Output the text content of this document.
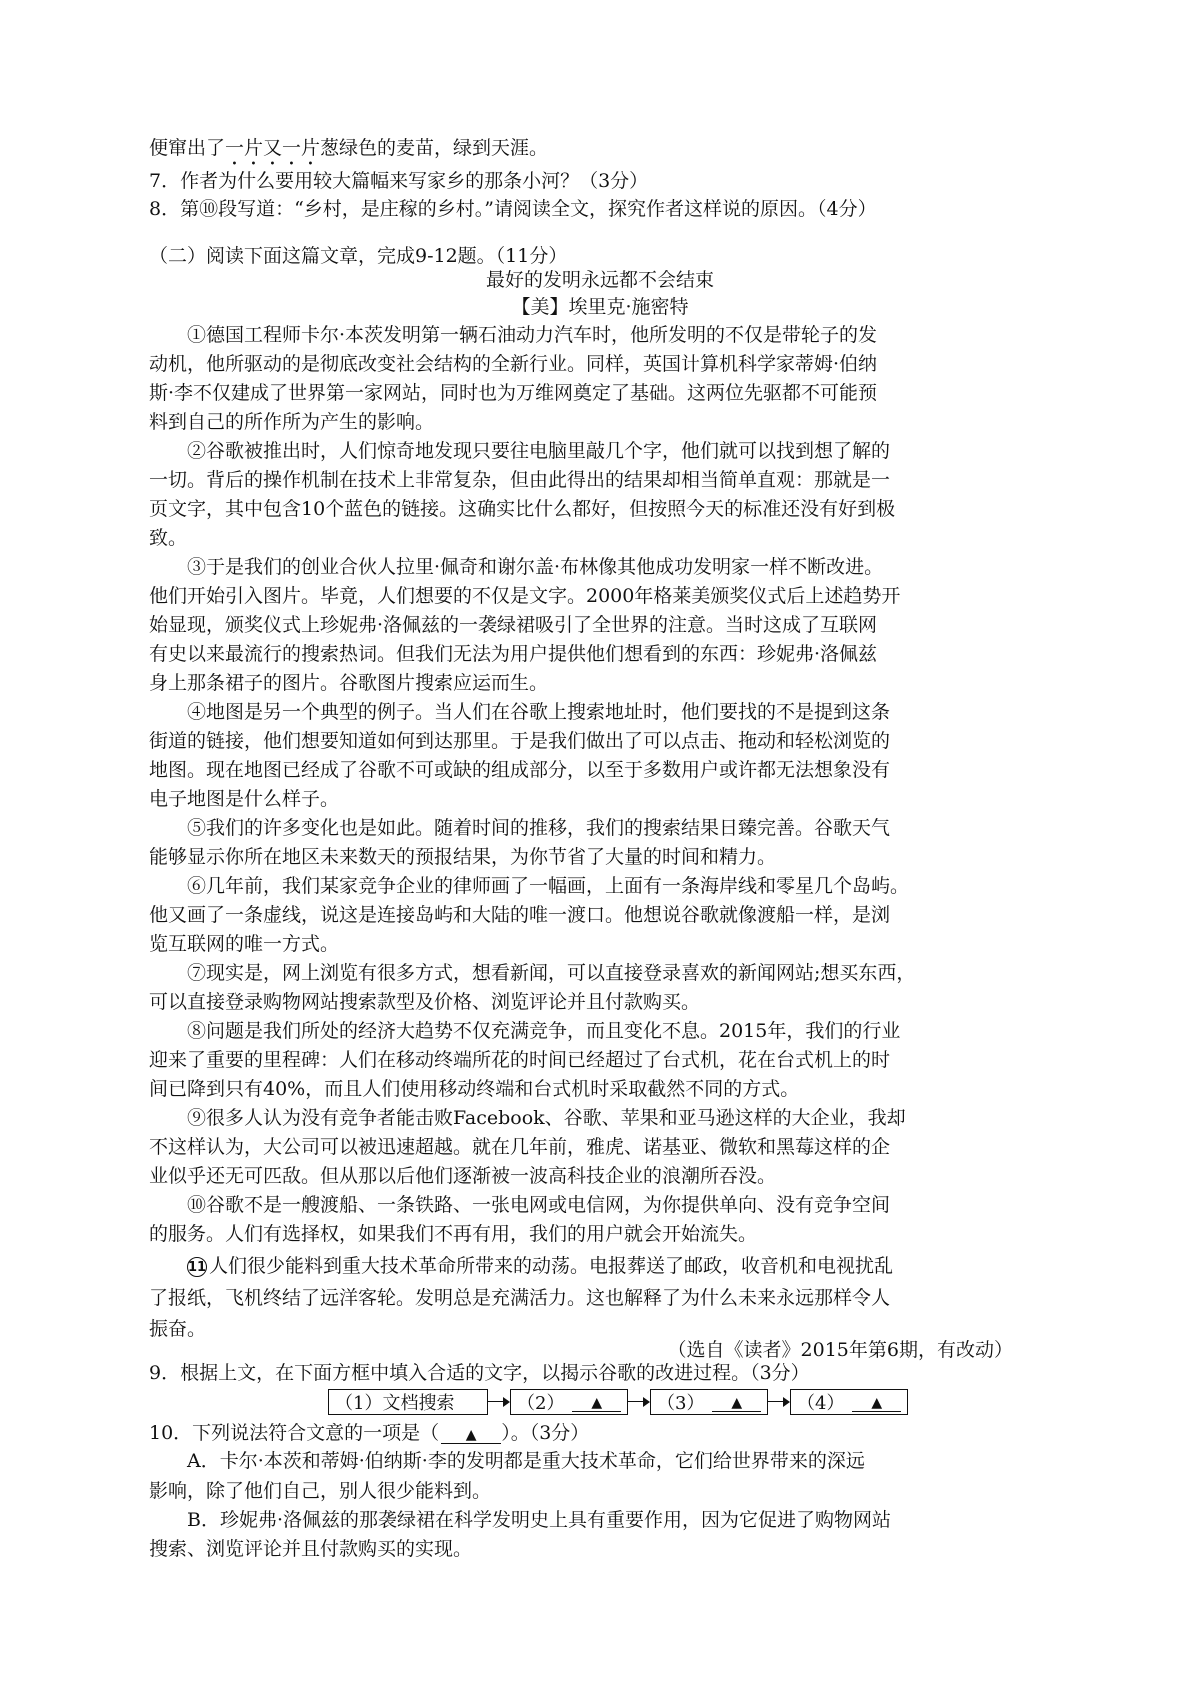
便窜出了一片又一片葱绿色的麦苗，绿到天涯。
7．作者为什么要用较大篇幅来写家乡的那条小河？（3分）
8．第⑩段写道：“乡村，是庄稼的乡村。”请阅读全文，探究作者这样说的原因。（4分）
（二）阅读下面这篇文章，完成9-12题。（11分）
最好的发明永远都不会结束
【美】埃里克·施密特
①德国工程师卡尔·本茨发明第一辆石油动力汽车时，他所发明的不仅是带轮子的发
动机，他所驱动的是彻底改变社会结构的全新行业。同样，英国计算机科学家蒂姆·伯纳
斯·李不仅建成了世界第一家网站，同时也为万维网奠定了基础。这两位先驱都不可能预
料到自己的所作所为产生的影响。
②谷歌被推出时，人们惊奇地发现只要往电脑里敲几个字，他们就可以找到想了解的
一切。背后的操作机制在技术上非常复杂，但由此得出的结果却相当简单直观：那就是一
页文字，其中包含10个蓝色的链接。这确实比什么都好，但按照今天的标准还没有好到极
致。
③于是我们的创业合伙人拉里·佩奇和谢尔盖·布林像其他成功发明家一样不断改进。
他们开始引入图片。毕竟，人们想要的不仅是文字。2000年格莱美颁奖仪式后上述趋势开
始显现，颁奖仪式上珍妮弗·洛佩兹的一袭绿裙吸引了全世界的注意。当时这成了互联网
有史以来最流行的搜索热词。但我们无法为用户提供他们想看到的东西：珍妮弗·洛佩兹
身上那条裙子的图片。谷歌图片搜索应运而生。
④地图是另一个典型的例子。当人们在谷歌上搜索地址时，他们要找的不是提到这条
街道的链接，他们想要知道如何到达那里。于是我们做出了可以点击、拖动和轻松浏览的
地图。现在地图已经成了谷歌不可或缺的组成部分，以至于多数用户或许都无法想象没有
电子地图是什么样子。
⑤我们的许多变化也是如此。随着时间的推移，我们的搜索结果日臻完善。谷歌天气
能够显示你所在地区未来数天的预报结果，为你节省了大量的时间和精力。
⑥几年前，我们某家竞争企业的律师画了一幅画，上面有一条海岸线和零星几个岛屿。
他又画了一条虚线，说这是连接岛屿和大陆的唯一渡口。他想说谷歌就像渡船一样，是浏
览互联网的唯一方式。
⑦现实是，网上浏览有很多方式，想看新闻，可以直接登录喜欢的新闻网站;想买东西，
可以直接登录购物网站搜索款型及价格、浏览评论并且付款购买。
⑧问题是我们所处的经济大趋势不仅充满竞争，而且变化不息。2015年，我们的行业
迎来了重要的里程碑：人们在移动终端所花的时间已经超过了台式机，花在台式机上的时
间已降到只有40%，而且人们使用移动终端和台式机时采取截然不同的方式。
⑨很多人认为没有竞争者能击败Facebook、谷歌、苹果和亚马逊这样的大企业，我却
不这样认为，大公司可以被迅速超越。就在几年前，雅虎、诺基亚、微软和黑莓这样的企
业似乎还无可匹敌。但从那以后他们逐渐被一波高科技企业的浪潮所吞没。
⑩谷歌不是一艘渡船、一条铁路、一张电网或电信网，为你提供单向、没有竞争空间
的服务。人们有选择权，如果我们不再有用，我们的用户就会开始流失。
11 人们很少能料到重大技术革命所带来的动荡。电报葬送了邮政，收音机和电视扰乱
了报纸，飞机终结了远洋客轮。发明总是充满活力。这也解释了为什么未来永远那样令人
振奋。
（选自《读者》2015年第6期，有改动）
9．根据上文，在下面方框中填入合适的文字，以揭示谷歌的改进过程。（3分）
（1）文档搜索	（2）	▲	（3）	▲	（4）	▲
10．下列说法符合文意的一项是（ ▲ ）。（3分）
A．卡尔·本茨和蒂姆·伯纳斯·李的发明都是重大技术革命，它们给世界带来的深远
影响，除了他们自己，别人很少能料到。
B．珍妮弗·洛佩兹的那袭绿裙在科学发明史上具有重要作用，因为它促进了购物网站
搜索、浏览评论并且付款购买的实现。
